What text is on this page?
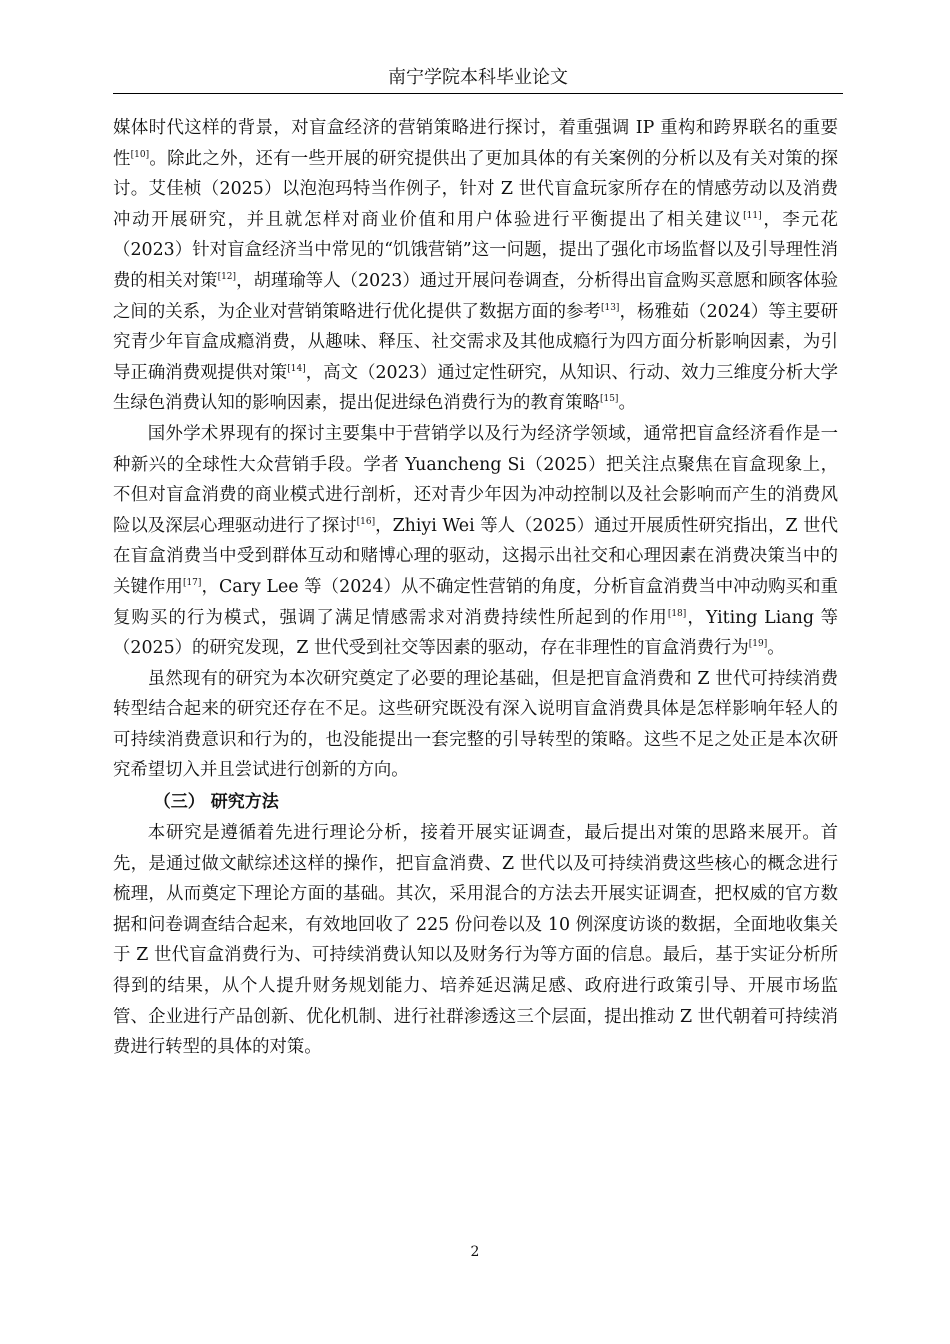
南宁学院本科毕业论文

媒体时代这样的背景，对盲盒经济的营销策略进行探讨，着重强调 IP 重构和跨界联名的重要性[10]。除此之外，还有一些开展的研究提供出了更加具体的有关案例的分析以及有关对策的探讨。艾佳桢（2025）以泡泡玛特当作例子，针对 Z 世代盲盒玩家所存在的情感劳动以及消费冲动开展研究，并且就怎样对商业价值和用户体验进行平衡提出了相关建议[11]，李元花（2023）针对盲盒经济当中常见的“饥饿营销”这一问题，提出了强化市场监督以及引导理性消费的相关对策[12]，胡瑾瑜等人（2023）通过开展问卷调查，分析得出盲盒购买意愿和顾客体验之间的关系，为企业对营销策略进行优化提供了数据方面的参考[13]，杨雅茹（2024）等主要研究青少年盲盒成瘾消费，从趣味、释压、社交需求及其他成瘾行为四方面分析影响因素，为引导正确消费观提供对策[14]，高文（2023）通过定性研究，从知识、行动、效力三维度分析大学生绿色消费认知的影响因素，提出促进绿色消费行为的教育策略[15]。

国外学术界现有的探讨主要集中于营销学以及行为经济学领域，通常把盲盒经济看作是一种新兴的全球性大众营销手段。学者 Yuancheng Si（2025）把关注点聚焦在盲盒现象上，不但对盲盒消费的商业模式进行剖析，还对青少年因为冲动控制以及社会影响而产生的消费风险以及深层心理驱动进行了探讨[16]，Zhiyi Wei 等人（2025）通过开展质性研究指出，Z 世代在盲盒消费当中受到群体互动和赌博心理的驱动，这揭示出社交和心理因素在消费决策当中的关键作用[17]，Cary Lee 等（2024）从不确定性营销的角度，分析盲盒消费当中冲动购买和重复购买的行为模式，强调了满足情感需求对消费持续性所起到的作用[18]，Yiting Liang 等（2025）的研究发现，Z 世代受到社交等因素的驱动，存在非理性的盲盒消费行为[19]。

虽然现有的研究为本次研究奠定了必要的理论基础，但是把盲盒消费和 Z 世代可持续消费转型结合起来的研究还存在不足。这些研究既没有深入说明盲盒消费具体是怎样影响年轻人的可持续消费意识和行为的，也没能提出一套完整的引导转型的策略。这些不足之处正是本次研究希望切入并且尝试进行创新的方向。

（三） 研究方法

本研究是遵循着先进行理论分析，接着开展实证调查，最后提出对策的思路来展开。首先，是通过做文献综述这样的操作，把盲盒消费、Z 世代以及可持续消费这些核心的概念进行梳理，从而奠定下理论方面的基础。其次，采用混合的方法去开展实证调查，把权威的官方数据和问卷调查结合起来，有效地回收了 225 份问卷以及 10 例深度访谈的数据，全面地收集关于 Z 世代盲盒消费行为、可持续消费认知以及财务行为等方面的信息。最后，基于实证分析所得到的结果，从个人提升财务规划能力、培养延迟满足感、政府进行政策引导、开展市场监管、企业进行产品创新、优化机制、进行社群渗透这三个层面，提出推动 Z 世代朝着可持续消费进行转型的具体的对策。

2
